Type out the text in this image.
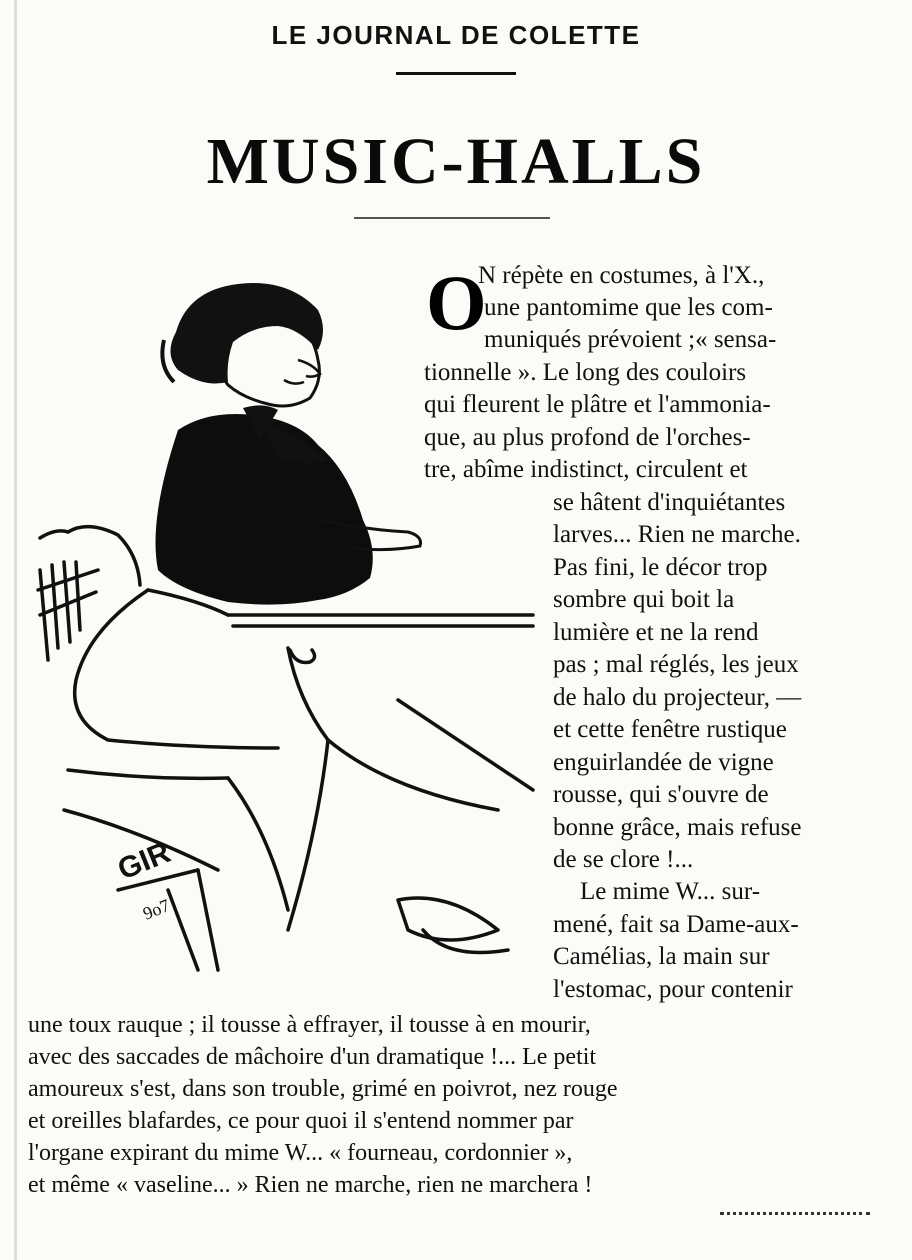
LE JOURNAL DE COLETTE
MUSIC-HALLS
GIR
9o7
O
N répète en costumes, à l'X.,
une pantomime que les com-
muniqués prévoient ;« sensa-
tionnelle ». Le long des couloirs
qui fleurent le plâtre et l'ammonia-
que, au plus profond de l'orches-
tre, abîme indistinct, circulent et
se hâtent d'inquiétantes
larves... Rien ne marche.
Pas fini, le décor trop
sombre qui boit la
lumière et ne la rend
pas ; mal réglés, les jeux
de halo du projecteur, —
et cette fenêtre rustique
enguirlandée de vigne
rousse, qui s'ouvre de
bonne grâce, mais refuse
de se clore !...
Le mime W... sur-
mené, fait sa Dame-aux-
Camélias, la main sur
l'estomac, pour contenir
une toux rauque ; il tousse à effrayer, il tousse à en mourir,
avec des saccades de mâchoire d'un dramatique !... Le petit
amoureux s'est, dans son trouble, grimé en poivrot, nez rouge
et oreilles blafardes, ce pour quoi il s'entend nommer par
l'organe expirant du mime W... « fourneau, cordonnier »,
et même « vaseline... » Rien ne marche, rien ne marchera !
